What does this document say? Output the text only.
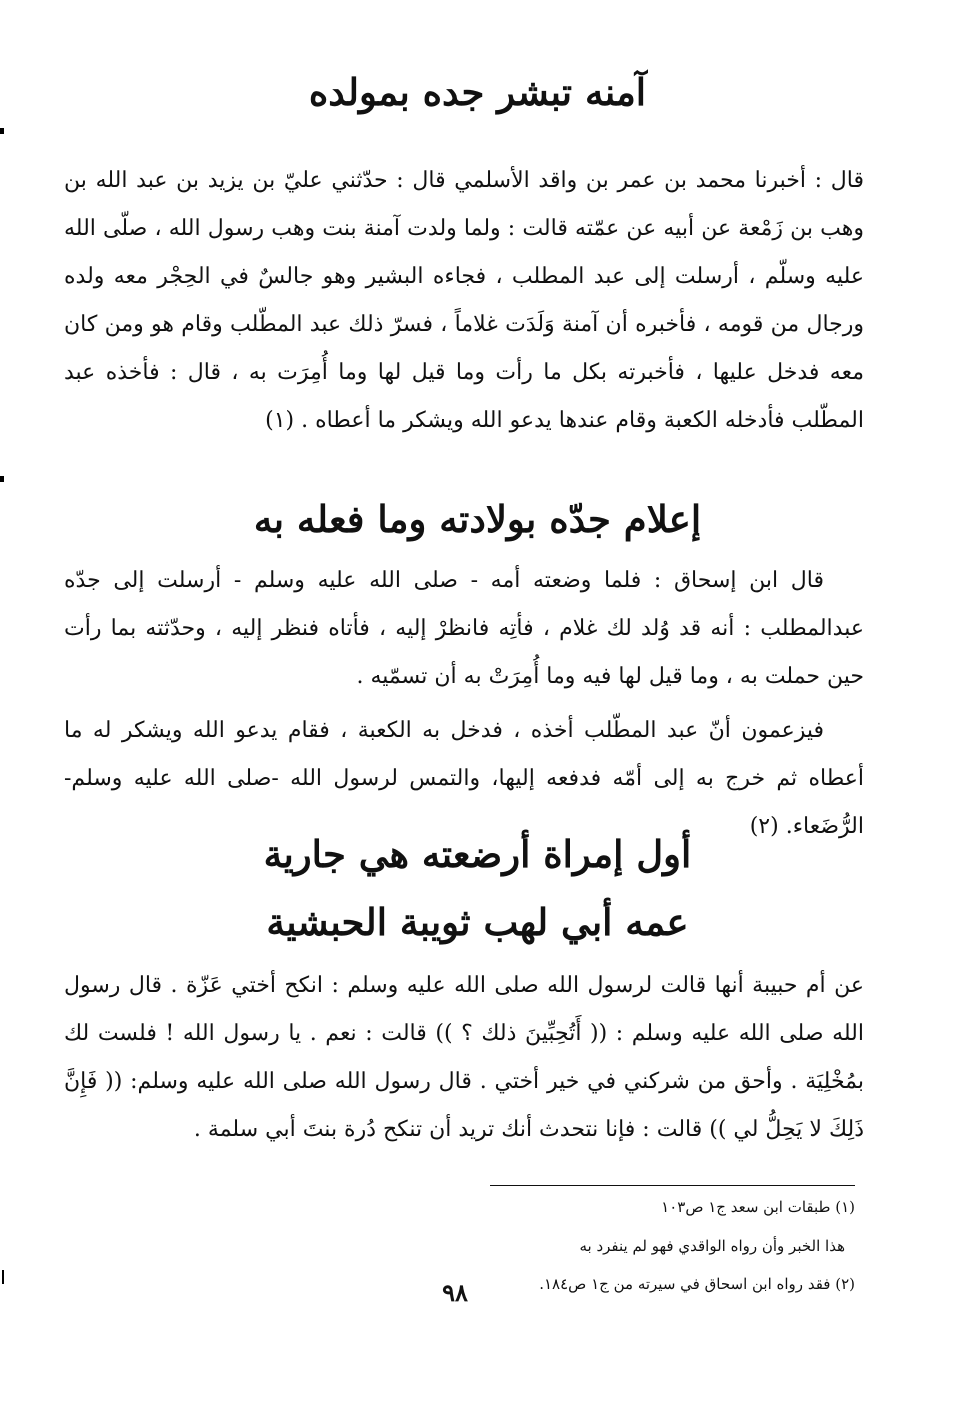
آمنه تبشر جده بمولده

قال : أخبرنا محمد بن عمر بن واقد الأسلمي قال : حدّثني عليّ بن يزيد بن عبد الله بن وهب بن زَمْعة عن أبيه عن عمّته قالت : ولما ولدت آمنة بنت وهب رسول الله ، صلّى الله عليه وسلّم ، أرسلت إلى عبد المطلب ، فجاءه البشير وهو جالسٌ في الحِجْر معه ولده ورجال من قومه ، فأخبره أن آمنة وَلَدَت غلاماً ، فسرّ ذلك عبد المطّلب وقام هو ومن كان معه فدخل عليها ، فأخبرته بكل ما رأت وما قيل لها وما أُمِرَت به ، قال : فأخذه عبد المطّلب فأدخله الكعبة وقام عندها يدعو الله ويشكر ما أعطاه . (١)

إعلام جدّه بولادته وما فعله به

قال ابن إسحاق : فلما وضعته أمه - صلى الله عليه وسلم - أرسلت إلى جدّه عبدالمطلب : أنه قد وُلد لك غلام ، فأتِه فانظرْ إليه ، فأتاه فنظر إليه ، وحدّثته بما رأت حين حملت به ، وما قيل لها فيه وما أُمِرَتْ به أن تسمّيه .

فيزعمون أنّ عبد المطّلب أخذه ، فدخل به الكعبة ، فقام يدعو الله ويشكر له ما أعطاه ثم خرج به إلى أمّه فدفعه إليها، والتمس لرسول الله -صلى الله عليه وسلم- الرُّضَعاء. (٢)

أول إمراة أرضعته هي جارية
عمه أبي لهب ثويبة الحبشية

عن أم حبيبة أنها قالت لرسول الله صلى الله عليه وسلم : انكح أختي عَزّة . قال رسول الله صلى الله عليه وسلم : (( أَتُحِبِّينَ ذلك ؟ )) قالت : نعم . يا رسول الله ! فلست لك بمُخْلِيَة . وأحق من شركني في خير أختي . قال رسول الله صلى الله عليه وسلم: (( فَإِنَّ ذَلِكَ لا يَحِلُّ لي )) قالت : فإنا نتحدث أنك تريد أن تنكح دُرة بنتَ أبي سلمة .

(١) طبقات ابن سعد ج١ ص١٠٣

هذا الخبر وأن رواه الواقدي فهو لم ينفرد به

(٢) فقد رواه ابن اسحاق في سيرته من ج١ ص١٨٤.

٩٨
